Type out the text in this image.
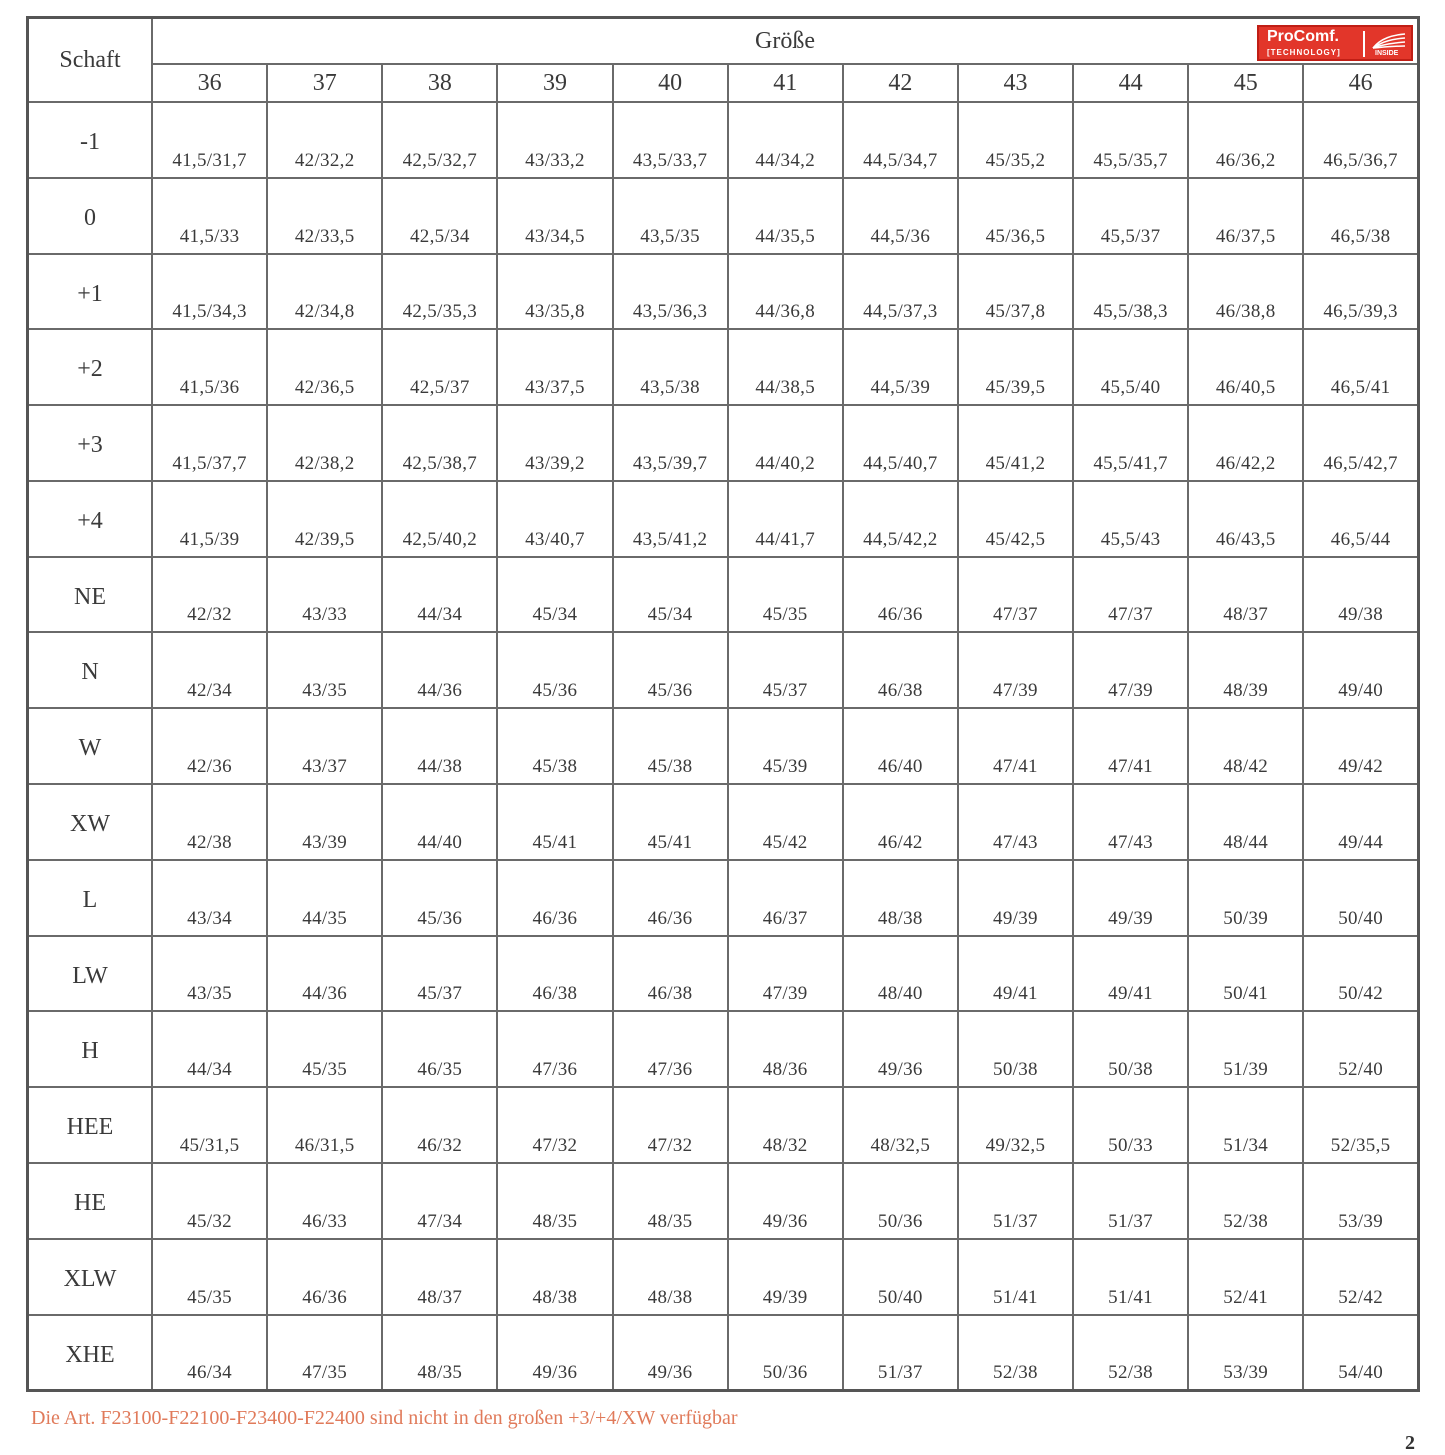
Schaft	Größe ProComf.
[TECHNOLOGY] INSIDE										

	36	37	38	39	40	41	42	43	44	45	46
-1	41,5/31,7	42/32,2	42,5/32,7	43/33,2	43,5/33,7	44/34,2	44,5/34,7	45/35,2	45,5/35,7	46/36,2	46,5/36,7
0	41,5/33	42/33,5	42,5/34	43/34,5	43,5/35	44/35,5	44,5/36	45/36,5	45,5/37	46/37,5	46,5/38
+1	41,5/34,3	42/34,8	42,5/35,3	43/35,8	43,5/36,3	44/36,8	44,5/37,3	45/37,8	45,5/38,3	46/38,8	46,5/39,3
+2	41,5/36	42/36,5	42,5/37	43/37,5	43,5/38	44/38,5	44,5/39	45/39,5	45,5/40	46/40,5	46,5/41
+3	41,5/37,7	42/38,2	42,5/38,7	43/39,2	43,5/39,7	44/40,2	44,5/40,7	45/41,2	45,5/41,7	46/42,2	46,5/42,7
+4	41,5/39	42/39,5	42,5/40,2	43/40,7	43,5/41,2	44/41,7	44,5/42,2	45/42,5	45,5/43	46/43,5	46,5/44
NE	42/32	43/33	44/34	45/34	45/34	45/35	46/36	47/37	47/37	48/37	49/38
N	42/34	43/35	44/36	45/36	45/36	45/37	46/38	47/39	47/39	48/39	49/40
W	42/36	43/37	44/38	45/38	45/38	45/39	46/40	47/41	47/41	48/42	49/42
XW	42/38	43/39	44/40	45/41	45/41	45/42	46/42	47/43	47/43	48/44	49/44
L	43/34	44/35	45/36	46/36	46/36	46/37	48/38	49/39	49/39	50/39	50/40
LW	43/35	44/36	45/37	46/38	46/38	47/39	48/40	49/41	49/41	50/41	50/42
H	44/34	45/35	46/35	47/36	47/36	48/36	49/36	50/38	50/38	51/39	52/40
HEE	45/31,5	46/31,5	46/32	47/32	47/32	48/32	48/32,5	49/32,5	50/33	51/34	52/35,5
HE	45/32	46/33	47/34	48/35	48/35	49/36	50/36	51/37	51/37	52/38	53/39
XLW	45/35	46/36	48/37	48/38	48/38	49/39	50/40	51/41	51/41	52/41	52/42
XHE	46/34	47/35	48/35	49/36	49/36	50/36	51/37	52/38	52/38	53/39	54/40
Die Art. F23100-F22100-F23400-F22400 sind nicht in den großen +3/+4/XW verfügbar
2
